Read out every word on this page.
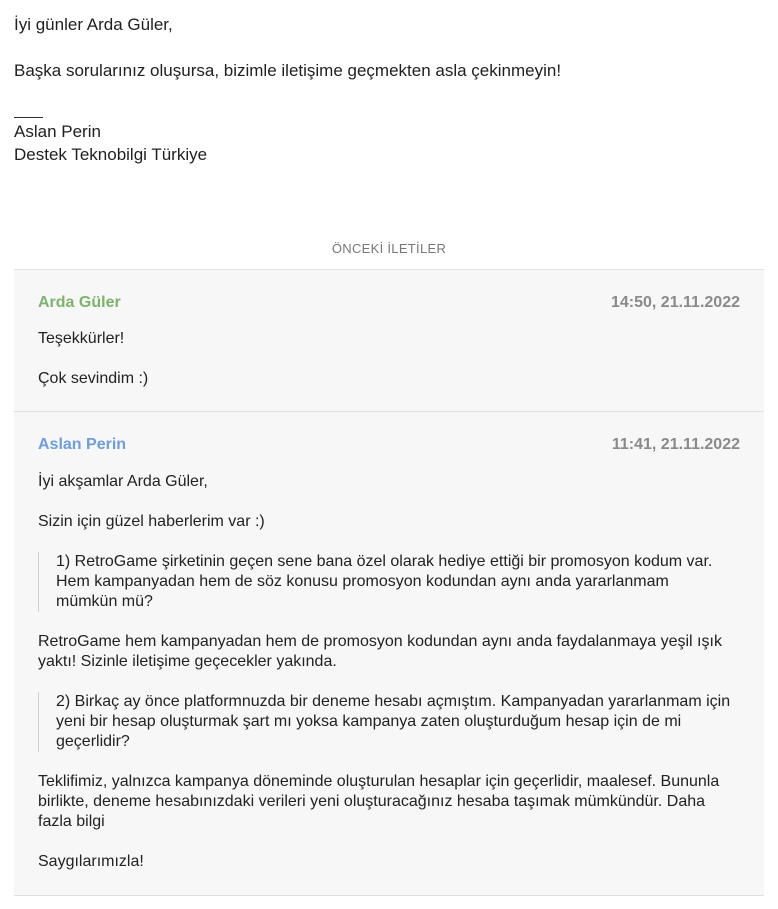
İyi günler Arda Güler,
Başka sorularınız oluşursa, bizimle iletişime geçmekten asla çekinmeyin!
Aslan Perin
Destek Teknobilgi Türkiye
ÖNCEKİ İLETİLER
Arda Güler	14:50, 21.11.2022
Teşekkürler!
Çok sevindim :)
Aslan Perin	11:41, 21.11.2022
İyi akşamlar Arda Güler,
Sizin için güzel haberlerim var :)
1) RetroGame şirketinin geçen sene bana özel olarak hediye ettiği bir promosyon kodum var.
Hem kampanyadan hem de söz konusu promosyon kodundan aynı anda yararlanmam
mümkün mü?
RetroGame hem kampanyadan hem de promosyon kodundan aynı anda faydalanmaya yeşil ışık
yaktı! Sizinle iletişime geçecekler yakında.
2) Birkaç ay önce platformnuzda bir deneme hesabı açmıştım. Kampanyadan yararlanmam için
yeni bir hesap oluşturmak şart mı yoksa kampanya zaten oluşturduğum hesap için de mi
geçerlidir?
Teklifimiz, yalnızca kampanya döneminde oluşturulan hesaplar için geçerlidir, maalesef. Bununla
birlikte, deneme hesabınızdaki verileri yeni oluşturacağınız hesaba taşımak mümkündür. Daha
fazla bilgi
Saygılarımızla!
